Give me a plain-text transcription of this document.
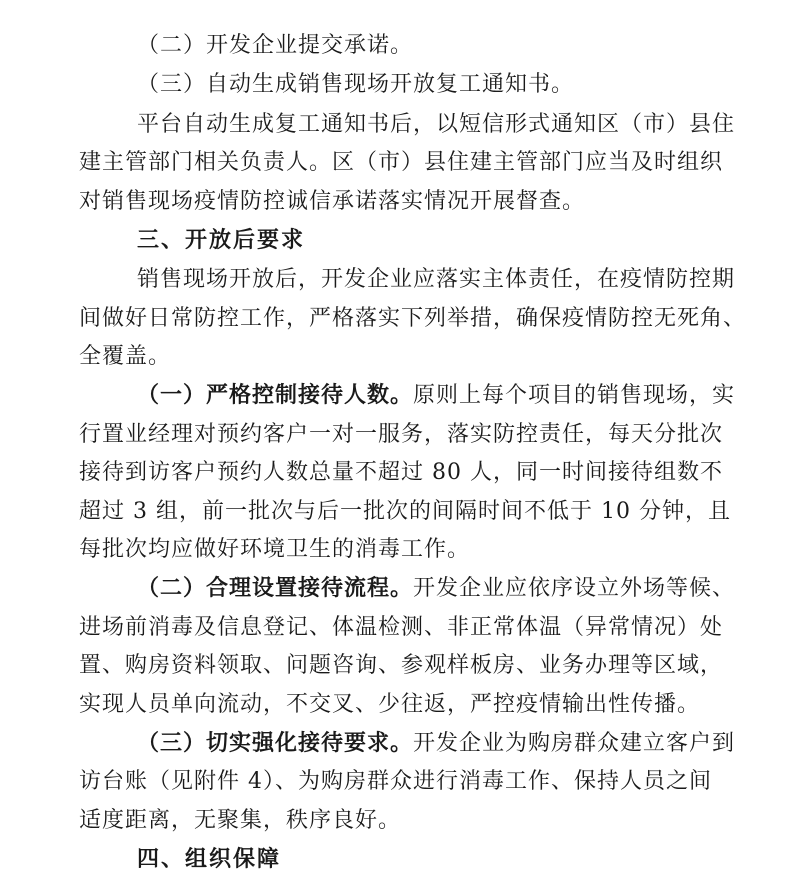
（二）开发企业提交承诺。
（三）自动生成销售现场开放复工通知书。
平台自动生成复工通知书后，以短信形式通知区（市）县住
建主管部门相关负责人。区（市）县住建主管部门应当及时组织
对销售现场疫情防控诚信承诺落实情况开展督查。
三、开放后要求
销售现场开放后，开发企业应落实主体责任，在疫情防控期
间做好日常防控工作，严格落实下列举措，确保疫情防控无死角、
全覆盖。
（一）严格控制接待人数。原则上每个项目的销售现场，实
行置业经理对预约客户一对一服务，落实防控责任，每天分批次
接待到访客户预约人数总量不超过 80 人，同一时间接待组数不
超过 3 组，前一批次与后一批次的间隔时间不低于 10 分钟，且
每批次均应做好环境卫生的消毒工作。
（二）合理设置接待流程。开发企业应依序设立外场等候、
进场前消毒及信息登记、体温检测、非正常体温（异常情况）处
置、购房资料领取、问题咨询、参观样板房、业务办理等区域，
实现人员单向流动，不交叉、少往返，严控疫情输出性传播。
（三）切实强化接待要求。开发企业为购房群众建立客户到
访台账（见附件 4）、为购房群众进行消毒工作、保持人员之间
适度距离，无聚集，秩序良好。
四、组织保障
